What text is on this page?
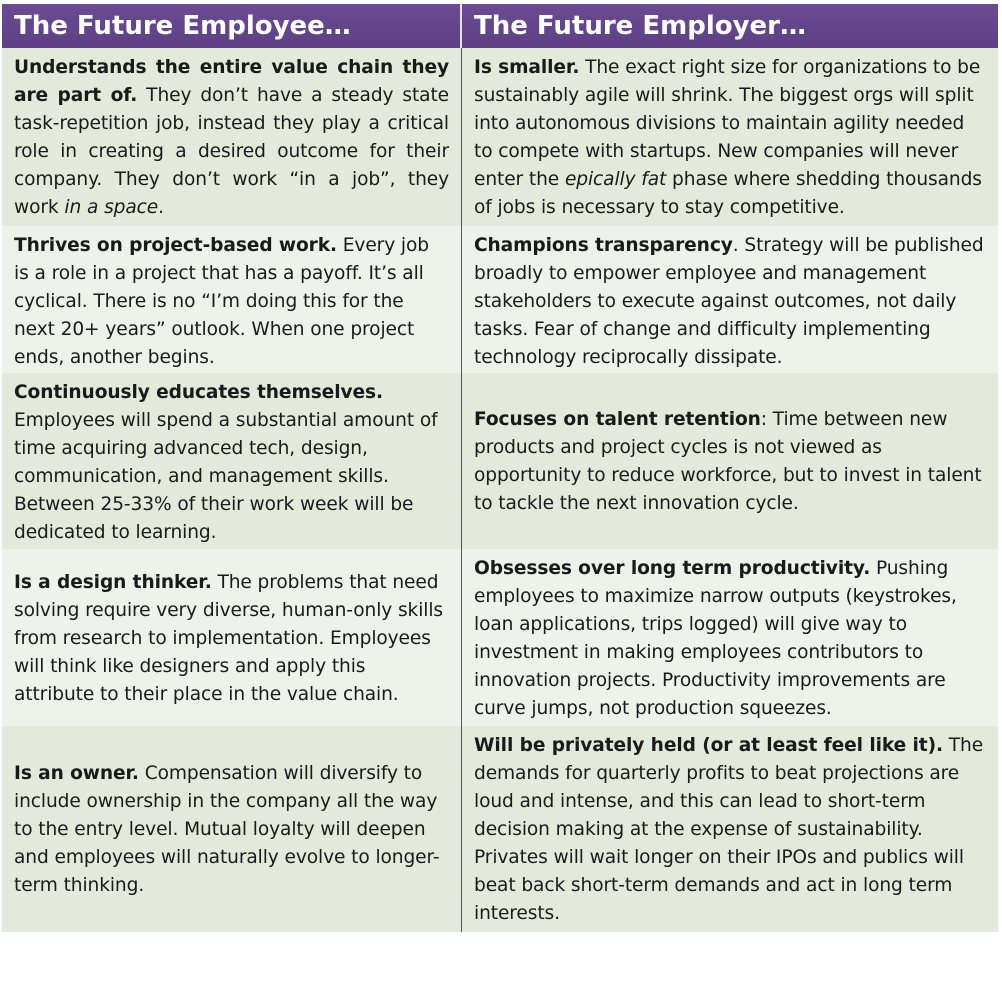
The Future Employee…	The Future Employer…
Understands the entire value chain they are part of. They don’t have a steady state task-repetition job, instead they play a critical role in creating a desired outcome for their company. They don’t work “in a job”, they work in a space.
Is smaller. The exact right size for organizations to be sustainably agile will shrink. The biggest orgs will split into autonomous divisions to maintain agility needed to compete with startups. New companies will never enter the epically fat phase where shedding thousands of jobs is necessary to stay competitive.
Thrives on project-based work. Every job is a role in a project that has a payoff. It’s all cyclical. There is no “I’m doing this for the next 20+ years” outlook. When one project ends, another begins.
Champions transparency. Strategy will be published broadly to empower employee and management stakeholders to execute against outcomes, not daily tasks. Fear of change and difficulty implementing technology reciprocally dissipate.
Continuously educates themselves.
Employees will spend a substantial amount of time acquiring advanced tech, design, communication, and management skills. Between 25-33% of their work week will be dedicated to learning.
Focuses on talent retention: Time between new products and project cycles is not viewed as opportunity to reduce workforce, but to invest in talent to tackle the next innovation cycle.
Is a design thinker. The problems that need solving require very diverse, human-only skills from research to implementation. Employees will think like designers and apply this attribute to their place in the value chain.
Obsesses over long term productivity. Pushing employees to maximize narrow outputs (keystrokes, loan applications, trips logged) will give way to investment in making employees contributors to innovation projects. Productivity improvements are curve jumps, not production squeezes.
Is an owner. Compensation will diversify to include ownership in the company all the way to the entry level. Mutual loyalty will deepen and employees will naturally evolve to longer-term thinking.
Will be privately held (or at least feel like it). The demands for quarterly profits to beat projections are loud and intense, and this can lead to short-term decision making at the expense of sustainability. Privates will wait longer on their IPOs and publics will beat back short-term demands and act in long term interests.
